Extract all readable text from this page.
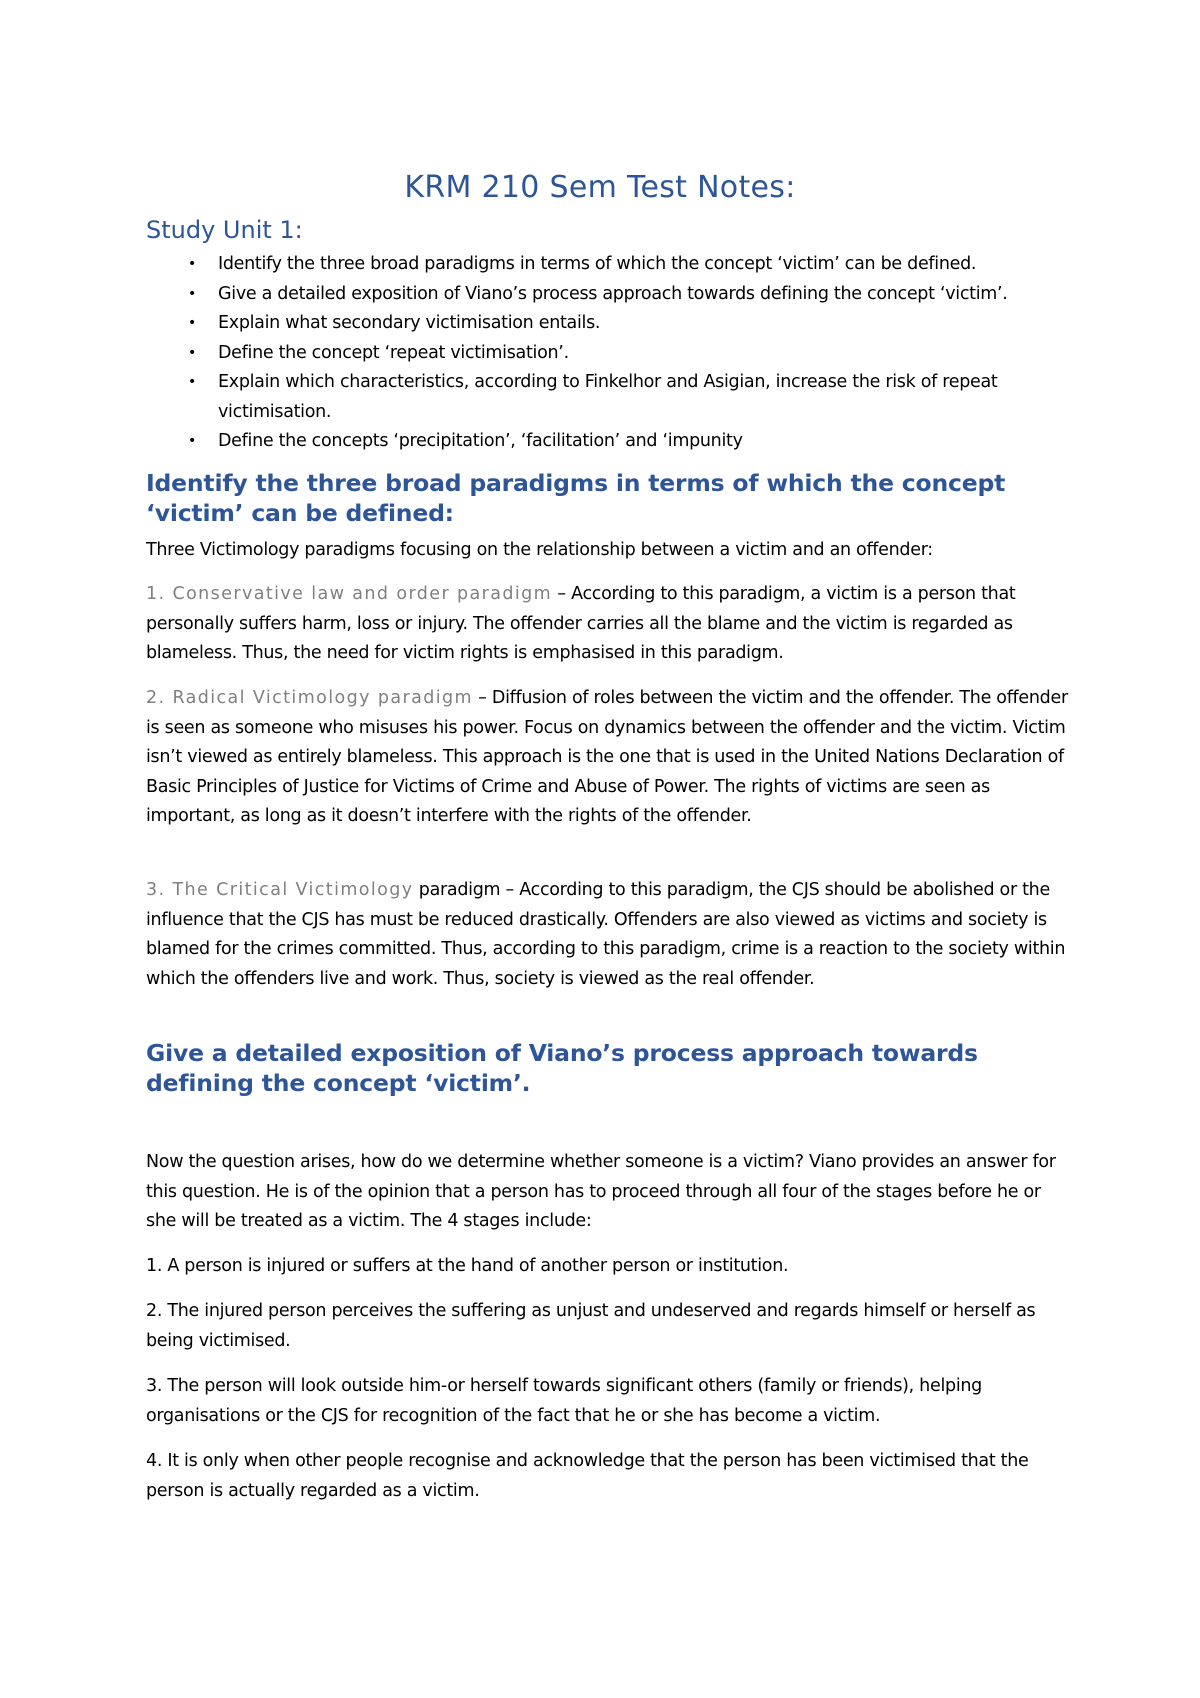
KRM 210 Sem Test Notes:
Study Unit 1:
• Identify the three broad paradigms in terms of which the concept ‘victim’ can be defined.
• Give a detailed exposition of Viano’s process approach towards defining the concept ‘victim’.
• Explain what secondary victimisation entails.
• Define the concept ‘repeat victimisation’.
• Explain which characteristics, according to Finkelhor and Asigian, increase the risk of repeat victimisation.
• Define the concepts ‘precipitation’, ‘facilitation’ and ‘impunity
Identify the three broad paradigms in terms of which the concept ‘victim’ can be defined:

Three Victimology paradigms focusing on the relationship between a victim and an offender:

1. Conservative law and order paradigm – According to this paradigm, a victim is a person that personally suffers harm, loss or injury. The offender carries all the blame and the victim is regarded as blameless. Thus, the need for victim rights is emphasised in this paradigm.

2. Radical Victimology paradigm – Diffusion of roles between the victim and the offender. The offender is seen as someone who misuses his power. Focus on dynamics between the offender and the victim. Victim isn’t viewed as entirely blameless. This approach is the one that is used in the United Nations Declaration of Basic Principles of Justice for Victims of Crime and Abuse of Power. The rights of victims are seen as important, as long as it doesn’t interfere with the rights of the offender.

3. The Critical Victimology paradigm – According to this paradigm, the CJS should be abolished or the influence that the CJS has must be reduced drastically. Offenders are also viewed as victims and society is blamed for the crimes committed. Thus, according to this paradigm, crime is a reaction to the society within which the offenders live and work. Thus, society is viewed as the real offender.

Give a detailed exposition of Viano’s process approach towards defining the concept ‘victim’.

Now the question arises, how do we determine whether someone is a victim? Viano provides an answer for this question. He is of the opinion that a person has to proceed through all four of the stages before he or she will be treated as a victim. The 4 stages include:

1. A person is injured or suffers at the hand of another person or institution.

2. The injured person perceives the suffering as unjust and undeserved and regards himself or herself as being victimised.

3. The person will look outside him-or herself towards significant others (family or friends), helping organisations or the CJS for recognition of the fact that he or she has become a victim.

4. It is only when other people recognise and acknowledge that the person has been victimised that the person is actually regarded as a victim.
